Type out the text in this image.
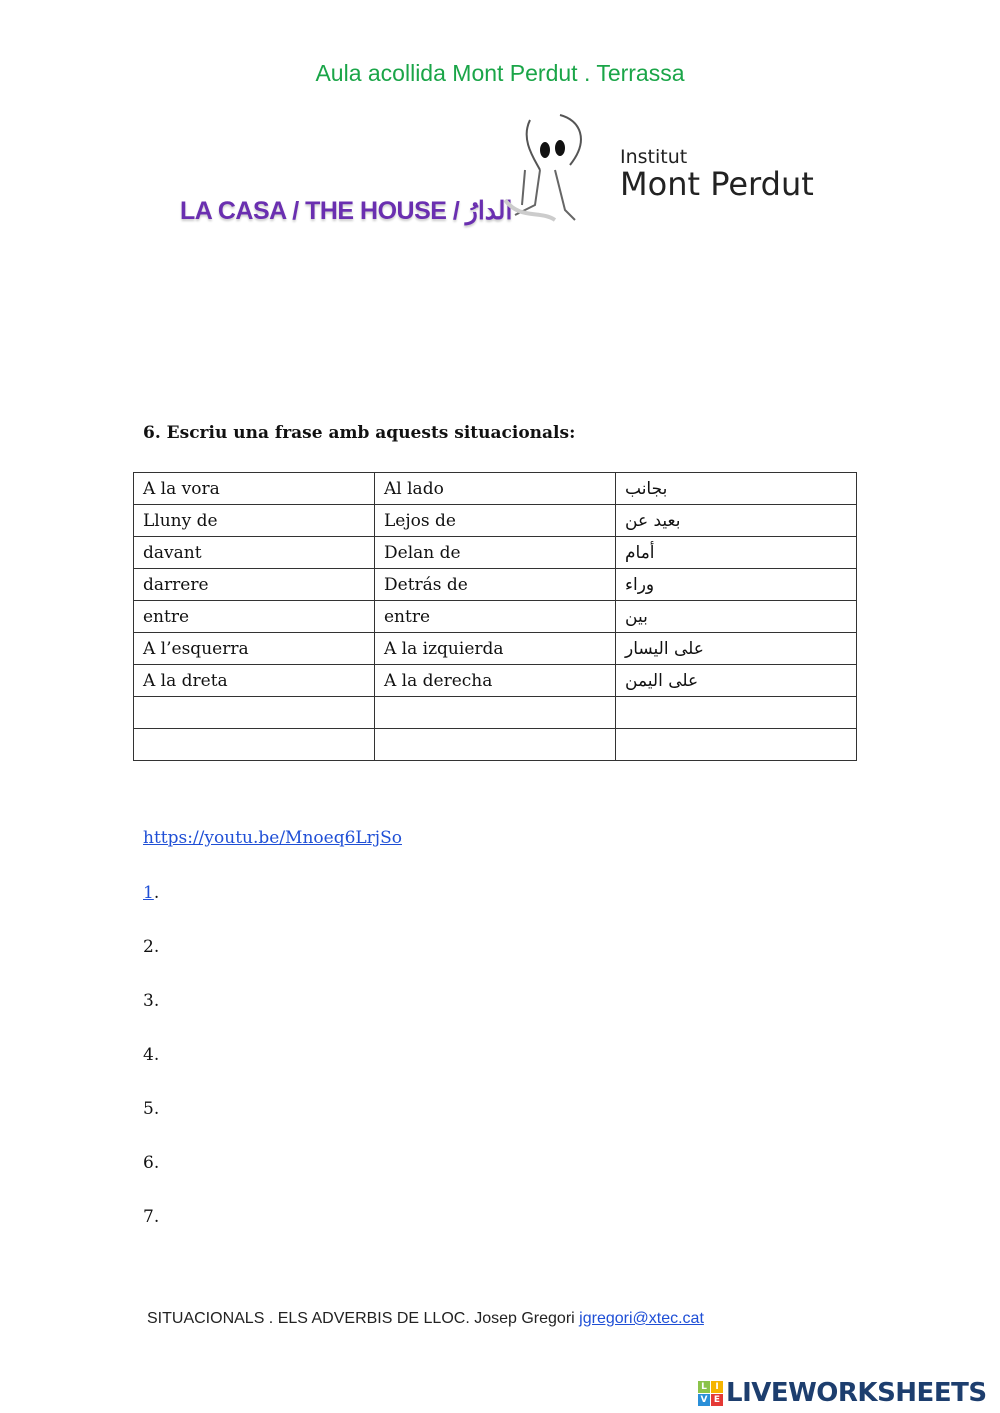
Aula acollida Mont Perdut . Terrassa
LA CASA / THE HOUSE / الدارُ
Institut
Mont Perdut
6. Escriu una frase amb aquests situacionals:
A la vora	Al lado	بجانب
Lluny de	Lejos de	بعيد عن
davant	Delan de	أمام
darrere	Detrás de	وراء
entre	entre	بين
A l’esquerra	A la izquierda	على اليسار
A la dreta	A la derecha	على اليمن

https://youtu.be/Mnoeq6LrjSo
1.
2.
3.
4.
5.
6.
7.
SITUACIONALS . ELS ADVERBIS DE LLOC. Josep Gregori jgregori@xtec.cat
L I
V E LIVEWORKSHEETS
